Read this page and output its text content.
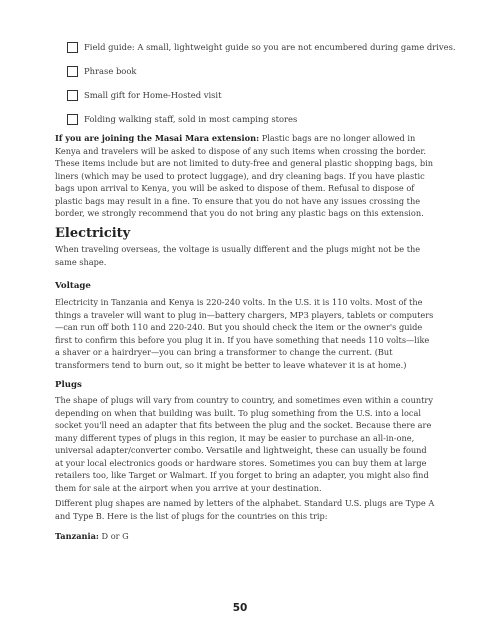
Field guide: A small, lightweight guide so you are not encumbered during game drives.
Phrase book
Small gift for Home-Hosted visit
Folding walking staff, sold in most camping stores

If you are joining the Masai Mara extension: Plastic bags are no longer allowed in Kenya and travelers will be asked to dispose of any such items when crossing the border. These items include but are not limited to duty-free and general plastic shopping bags, bin liners (which may be used to protect luggage), and dry cleaning bags. If you have plastic bags upon arrival to Kenya, you will be asked to dispose of them. Refusal to dispose of plastic bags may result in a fine. To ensure that you do not have any issues crossing the border, we strongly recommend that you do not bring any plastic bags on this extension.

Electricity

When traveling overseas, the voltage is usually different and the plugs might not be the same shape.

Voltage

Electricity in Tanzania and Kenya is 220-240 volts. In the U.S. it is 110 volts. Most of the things a traveler will want to plug in—battery chargers, MP3 players, tablets or computers—can run off both 110 and 220-240. But you should check the item or the owner's guide first to confirm this before you plug it in. If you have something that needs 110 volts—like a shaver or a hairdryer—you can bring a transformer to change the current. (But transformers tend to burn out, so it might be better to leave whatever it is at home.)

Plugs

The shape of plugs will vary from country to country, and sometimes even within a country depending on when that building was built. To plug something from the U.S. into a local socket you'll need an adapter that fits between the plug and the socket. Because there are many different types of plugs in this region, it may be easier to purchase an all-in-one, universal adapter/converter combo. Versatile and lightweight, these can usually be found at your local electronics goods or hardware stores. Sometimes you can buy them at large retailers too, like Target or Walmart. If you forget to bring an adapter, you might also find them for sale at the airport when you arrive at your destination.

Different plug shapes are named by letters of the alphabet. Standard U.S. plugs are Type A and Type B. Here is the list of plugs for the countries on this trip:

Tanzania: D or G

50
